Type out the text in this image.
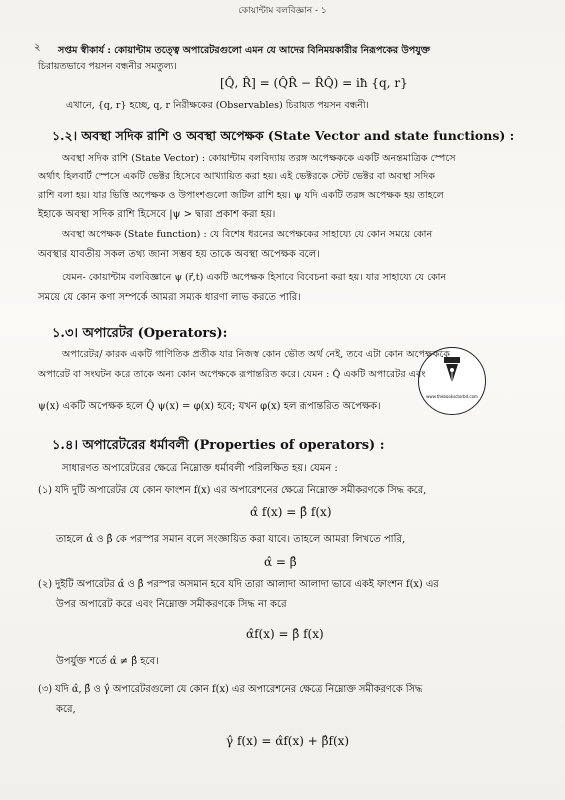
কোয়ান্টাম বলবিজ্ঞান - ১
২ সপ্তম স্বীকার্য : কোয়ান্টাম তত্ত্বে অপারেটরগুলো এমন যে আদের বিনিময়কারীর নিরূপকের উপযুক্ত

চিরায়তভাবে পয়সন বন্ধনীর সমতুল্য।

[Q̂, R̂] = (Q̂R̂ − R̂Q̂) = iħ {q, r}

এখানে, {q, r} হচ্ছে, q, r নিরীক্ষকের (Observables) চিরায়ত পয়সন বন্ধনী।

১.২। অবস্থা সদিক রাশি ও অবস্থা অপেক্ষক (State Vector and state functions) :

অবস্থা সদিক রাশি (State Vector) : কোয়ান্টাম বলবিদ্যায় তরঙ্গ অপেক্ষককে একটি অনন্তমাত্রিক স্পেসে

অর্থাৎ হিলবার্ট স্পেসে একটি ভেক্টর হিসেবে আখ্যায়িত করা হয়। এই ভেক্টরকে স্টেট ভেক্টর বা অবস্থা সদিক

রাশি বলা হয়। যার ভিত্তি অপেক্ষক ও উপাংশগুলো জটিল রাশি হয়। ψ যদি একটি তরঙ্গ অপেক্ষক হয় তাহলে

ইহাকে অবস্থা সদিক রাশি হিসেবে |ψ > দ্বারা প্রকাশ করা হয়।

অবস্থা অপেক্ষক (State function) : যে বিশেষ ধরনের অপেক্ষকের সাহায্যে যে কোন সময়ে কোন

অবস্থার যাবতীয় সকল তথ্য জানা সম্ভব হয় তাকে অবস্থা অপেক্ষক বলে।

যেমন- কোয়ান্টাম বলবিজ্ঞানে ψ (r⃗,t) একটি অপেক্ষক হিসাবে বিবেচনা করা হয়। যার সাহায্যে যে কোন

সময়ে যে কোন কণা সম্পর্কে আমরা সম্যক ধারণা লাভ করতে পারি।

www.thebooksctorbd.com

১.৩। অপারেটর (Operators):

অপারেটর/ কারক একটি গাণিতিক প্রতীক যার নিজস্ব কোন ভৌত অর্থ নেই, তবে এটা কোন অপেক্ষককে

অপারেট বা সংঘটন করে তাকে অন্য কোন অপেক্ষকে রূপান্তরিত করে। যেমন : Q̂ একটি অপারেটর এবং

ψ(x) একটি অপেক্ষক হলে Q̂ ψ(x) = φ(x) হবে; যখন φ(x) হল রূপান্তরিত অপেক্ষক।

১.৪। অপারেটরের ধর্মাবলী (Properties of operators) :

সাধারণত অপারেটরের ক্ষেত্রে নিম্নোক্ত ধর্মাবলী পরিলক্ষিত হয়। যেমন :

(১) যদি দুটি অপারেটর যে কোন ফাংশন f(x) এর অপারেশনের ক্ষেত্রে নিম্নোক্ত সমীকরণকে সিদ্ধ করে,

α̂ f(x) = β̂ f(x)

তাহলে α̂ ও β̂ কে পরস্পর সমান বলে সংজ্ঞায়িত করা যাবে। তাহলে আমরা লিখতে পারি,

α̂ = β̂

(২) দুইটি অপারেটর α̂ ও β̂ পরস্পর অসমান হবে যদি তারা আলাদা আলাদা ভাবে একই ফাংশন f(x) এর

উপর অপারেট করে এবং নিম্নোক্ত সমীকরণকে সিদ্ধ না করে

α̂f(x) = β̂ f(x)

উপর্যুক্ত শর্তে α̂ ≠ β̂ হবে।

(৩) যদি α̂, β̂ ও γ̂ অপারেটরগুলো যে কোন f(x) এর অপারেশনের ক্ষেত্রে নিম্নোক্ত সমীকরণকে সিদ্ধ

করে,

γ̂ f(x) = α̂f(x) + β̂f(x)
